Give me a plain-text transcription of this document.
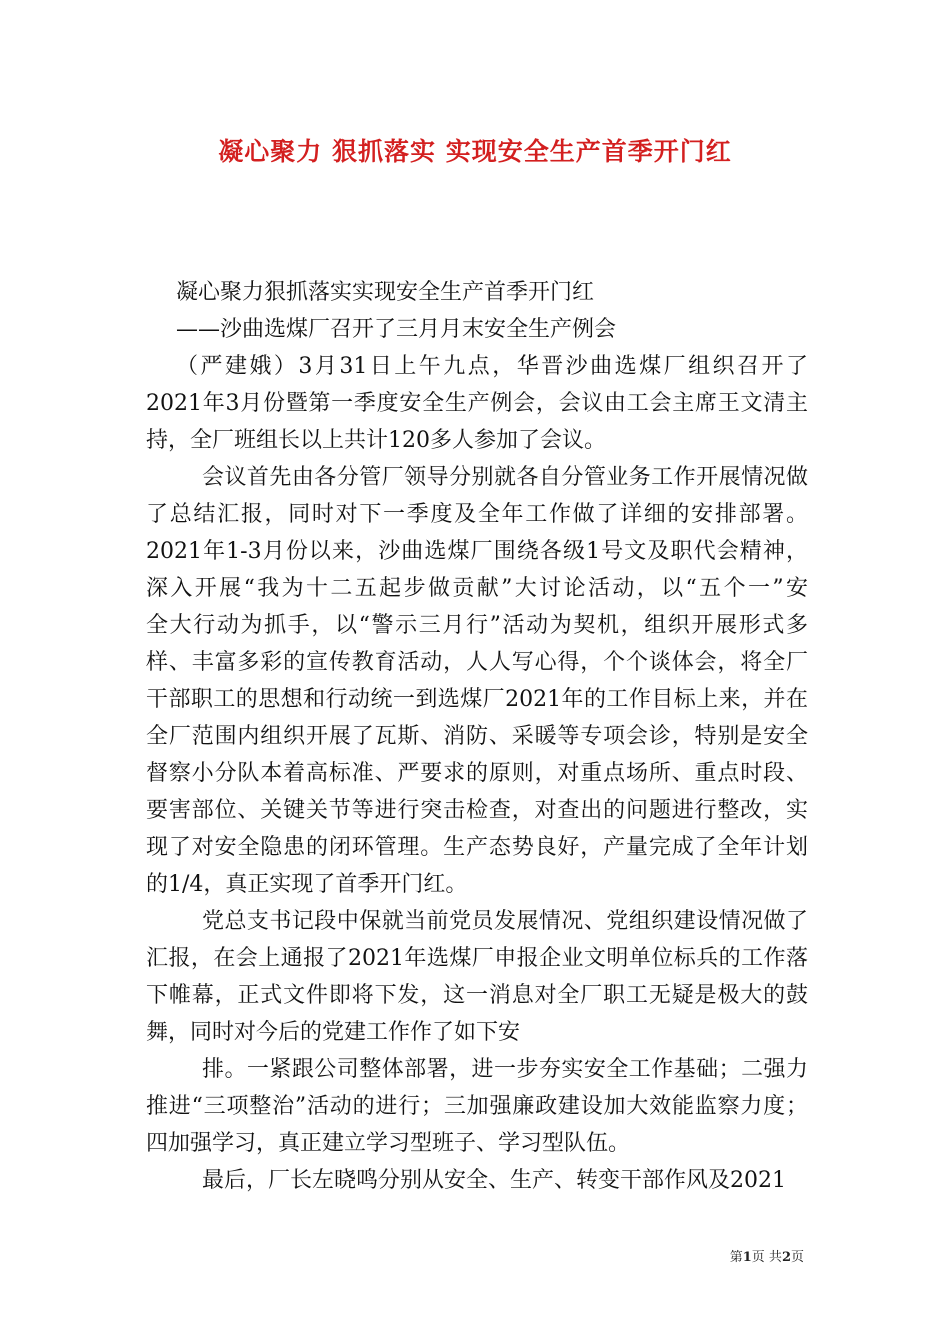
凝心聚力 狠抓落实 实现安全生产首季开门红
凝心聚力狠抓落实实现安全生产首季开门红
——沙曲选煤厂召开了三月月末安全生产例会
（严建娥）3月31日上午九点，华晋沙曲选煤厂组织召开了
2021年3月份暨第一季度安全生产例会，会议由工会主席王文清主
持，全厂班组长以上共计120多人参加了会议。
会议首先由各分管厂领导分别就各自分管业务工作开展情况做
了总结汇报，同时对下一季度及全年工作做了详细的安排部署。
2021年1-3月份以来，沙曲选煤厂围绕各级1号文及职代会精神，
深入开展“我为十二五起步做贡献”大讨论活动，以“五个一”安
全大行动为抓手，以“警示三月行”活动为契机，组织开展形式多
样、丰富多彩的宣传教育活动，人人写心得，个个谈体会，将全厂
干部职工的思想和行动统一到选煤厂2021年的工作目标上来，并在
全厂范围内组织开展了瓦斯、消防、采暖等专项会诊，特别是安全
督察小分队本着高标准、严要求的原则，对重点场所、重点时段、
要害部位、关键关节等进行突击检查，对查出的问题进行整改，实
现了对安全隐患的闭环管理。生产态势良好，产量完成了全年计划
的1/4，真正实现了首季开门红。
党总支书记段中保就当前党员发展情况、党组织建设情况做了
汇报，在会上通报了2021年选煤厂申报企业文明单位标兵的工作落
下帷幕，正式文件即将下发，这一消息对全厂职工无疑是极大的鼓
舞，同时对今后的党建工作作了如下安
排。一紧跟公司整体部署，进一步夯实安全工作基础；二强力
推进“三项整治”活动的进行；三加强廉政建设加大效能监察力度；
四加强学习，真正建立学习型班子、学习型队伍。
最后，厂长左晓鸣分别从安全、生产、转变干部作风及2021
第1页 共2页
